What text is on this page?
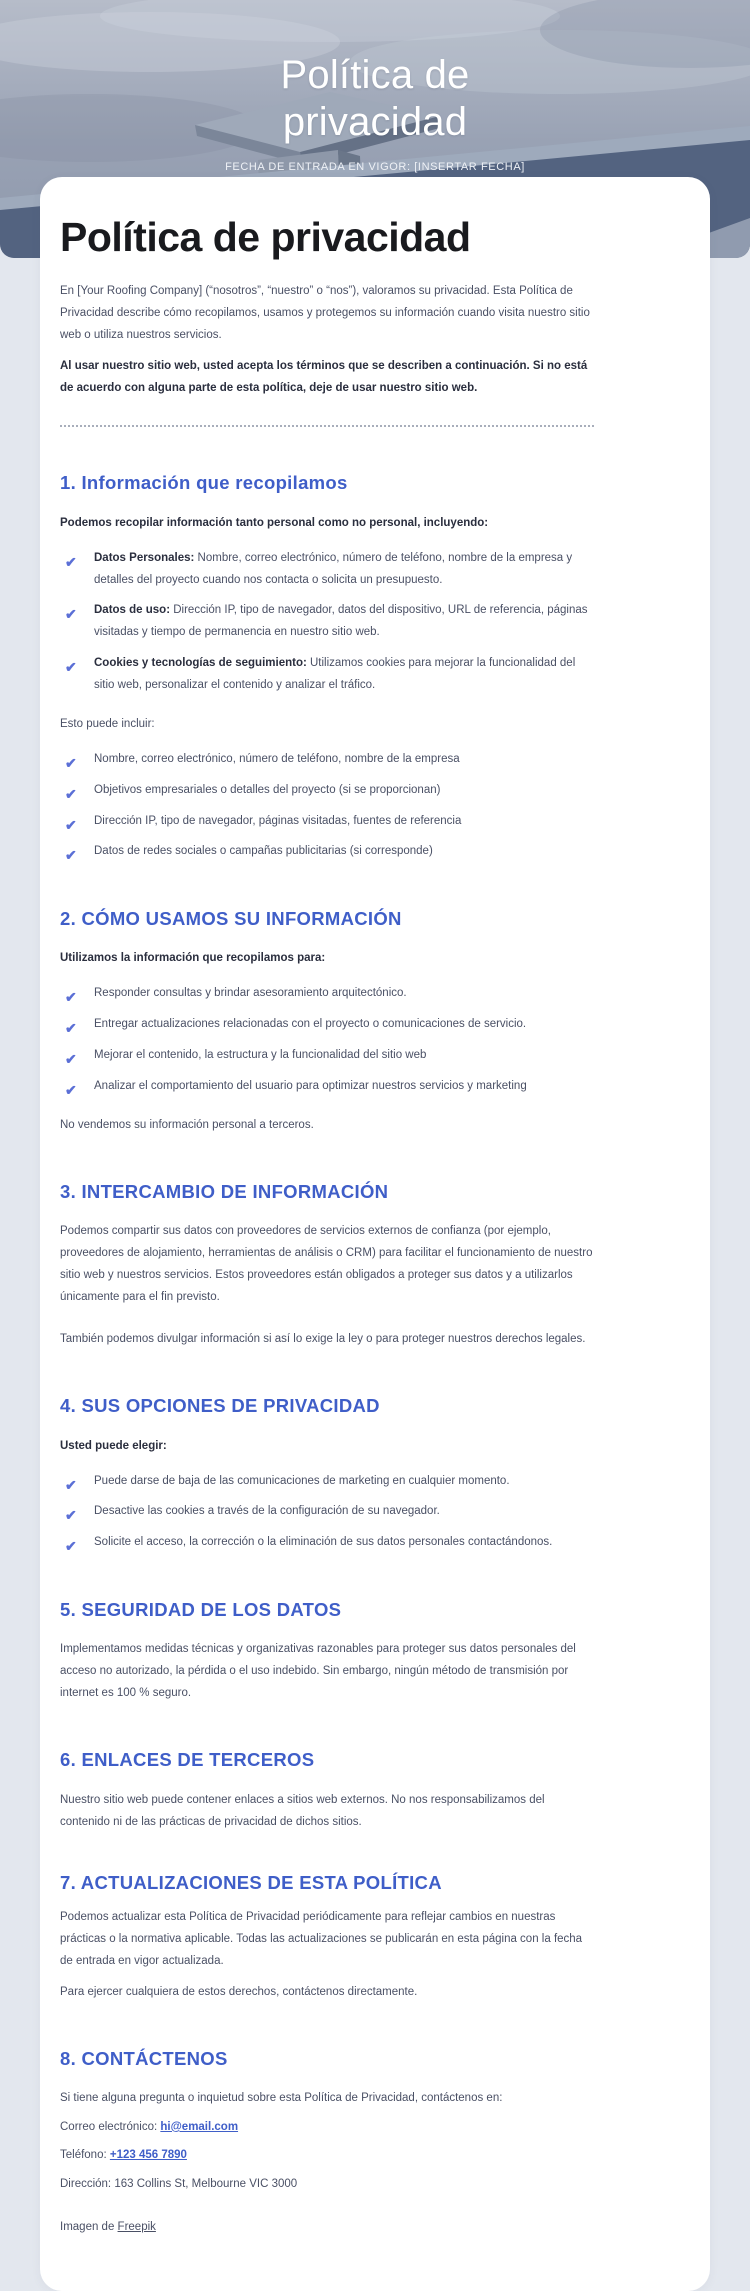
Política de privacidad
FECHA DE ENTRADA EN VIGOR: [INSERTAR FECHA]
Política de privacidad

En [Your Roofing Company] (“nosotros”, “nuestro” o “nos”), valoramos su privacidad. Esta Política de Privacidad describe cómo recopilamos, usamos y protegemos su información cuando visita nuestro sitio web o utiliza nuestros servicios.

Al usar nuestro sitio web, usted acepta los términos que se describen a continuación. Si no está de acuerdo con alguna parte de esta política, deje de usar nuestro sitio web.

1. Información que recopilamos

Podemos recopilar información tanto personal como no personal, incluyendo:

✔ Datos Personales: Nombre, correo electrónico, número de teléfono, nombre de la empresa y detalles del proyecto cuando nos contacta o solicita un presupuesto.
✔ Datos de uso: Dirección IP, tipo de navegador, datos del dispositivo, URL de referencia, páginas visitadas y tiempo de permanencia en nuestro sitio web.
✔ Cookies y tecnologías de seguimiento: Utilizamos cookies para mejorar la funcionalidad del sitio web, personalizar el contenido y analizar el tráfico.

Esto puede incluir:

✔ Nombre, correo electrónico, número de teléfono, nombre de la empresa
✔ Objetivos empresariales o detalles del proyecto (si se proporcionan)
✔ Dirección IP, tipo de navegador, páginas visitadas, fuentes de referencia
✔ Datos de redes sociales o campañas publicitarias (si corresponde)
2. CÓMO USAMOS SU INFORMACIÓN

Utilizamos la información que recopilamos para:

✔ Responder consultas y brindar asesoramiento arquitectónico.
✔ Entregar actualizaciones relacionadas con el proyecto o comunicaciones de servicio.
✔ Mejorar el contenido, la estructura y la funcionalidad del sitio web
✔ Analizar el comportamiento del usuario para optimizar nuestros servicios y marketing

No vendemos su información personal a terceros.

3. INTERCAMBIO DE INFORMACIÓN

Podemos compartir sus datos con proveedores de servicios externos de confianza (por ejemplo, proveedores de alojamiento, herramientas de análisis o CRM) para facilitar el funcionamiento de nuestro sitio web y nuestros servicios. Estos proveedores están obligados a proteger sus datos y a utilizarlos únicamente para el fin previsto.

También podemos divulgar información si así lo exige la ley o para proteger nuestros derechos legales.

4. SUS OPCIONES DE PRIVACIDAD

Usted puede elegir:

✔ Puede darse de baja de las comunicaciones de marketing en cualquier momento.
✔ Desactive las cookies a través de la configuración de su navegador.
✔ Solicite el acceso, la corrección o la eliminación de sus datos personales contactándonos.
5. SEGURIDAD DE LOS DATOS

Implementamos medidas técnicas y organizativas razonables para proteger sus datos personales del acceso no autorizado, la pérdida o el uso indebido. Sin embargo, ningún método de transmisión por internet es 100 % seguro.

6. ENLACES DE TERCEROS

Nuestro sitio web puede contener enlaces a sitios web externos. No nos responsabilizamos del contenido ni de las prácticas de privacidad de dichos sitios.

7. ACTUALIZACIONES DE ESTA POLÍTICA

Podemos actualizar esta Política de Privacidad periódicamente para reflejar cambios en nuestras prácticas o la normativa aplicable. Todas las actualizaciones se publicarán en esta página con la fecha de entrada en vigor actualizada.

Para ejercer cualquiera de estos derechos, contáctenos directamente.

8. CONTÁCTENOS

Si tiene alguna pregunta o inquietud sobre esta Política de Privacidad, contáctenos en:

Correo electrónico: hi@email.com

Teléfono: +123 456 7890

Dirección: 163 Collins St, Melbourne VIC 3000

Imagen de Freepik
